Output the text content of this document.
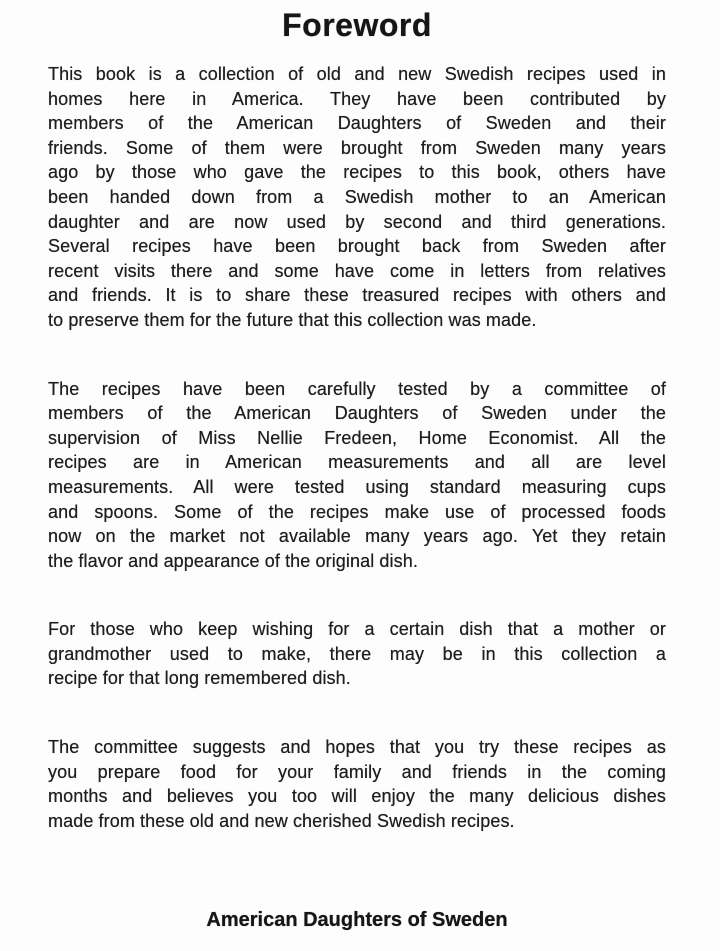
Foreword
This book is a collection of old and new Swedish recipes used in
homes here in America. They have been contributed by
members of the American Daughters of Sweden and their
friends. Some of them were brought from Sweden many years
ago by those who gave the recipes to this book, others have
been handed down from a Swedish mother to an American
daughter and are now used by second and third generations.
Several recipes have been brought back from Sweden after
recent visits there and some have come in letters from relatives
and friends. It is to share these treasured recipes with others and
to preserve them for the future that this collection was made.
The recipes have been carefully tested by a committee of
members of the American Daughters of Sweden under the
supervision of Miss Nellie Fredeen, Home Economist. All the
recipes are in American measurements and all are level
measurements. All were tested using standard measuring cups
and spoons. Some of the recipes make use of processed foods
now on the market not available many years ago. Yet they retain
the flavor and appearance of the original dish.
For those who keep wishing for a certain dish that a mother or
grandmother used to make, there may be in this collection a
recipe for that long remembered dish.
The committee suggests and hopes that you try these recipes as
you prepare food for your family and friends in the coming
months and believes you too will enjoy the many delicious dishes
made from these old and new cherished Swedish recipes.
American Daughters of Sweden
